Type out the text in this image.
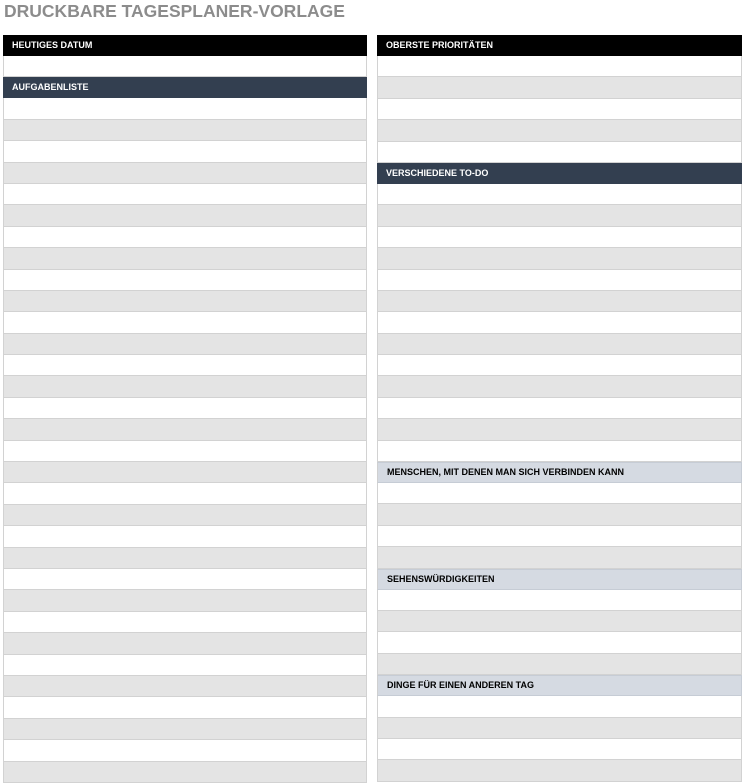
DRUCKBARE TAGESPLANER-VORLAGE
HEUTIGES DATUM
AUFGABENLISTE
OBERSTE PRIORITÄTEN
VERSCHIEDENE TO-DO
MENSCHEN, MIT DENEN MAN SICH VERBINDEN KANN
SEHENSWÜRDIGKEITEN
DINGE FÜR EINEN ANDEREN TAG
